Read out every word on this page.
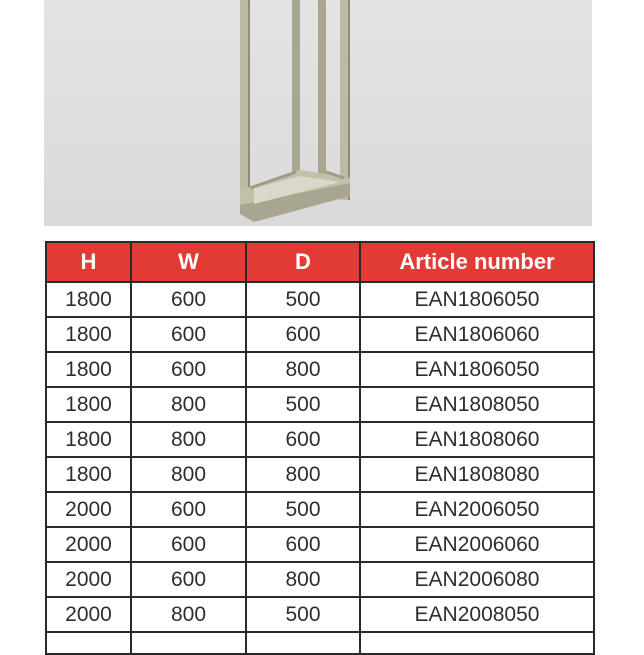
H	W	D	Article number
1800	600	500	EAN1806050
1800	600	600	EAN1806060
1800	600	800	EAN1806050
1800	800	500	EAN1808050
1800	800	600	EAN1808060
1800	800	800	EAN1808080
2000	600	500	EAN2006050
2000	600	600	EAN2006060
2000	600	800	EAN2006080
2000	800	500	EAN2008050
